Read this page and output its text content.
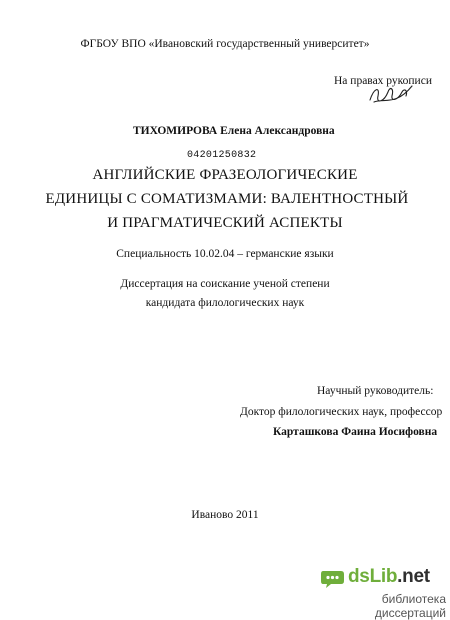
ФГБОУ ВПО «Ивановский государственный университет»
На правах рукописи
ТИХОМИРОВА Елена Александровна
04201250832
АНГЛИЙСКИЕ ФРАЗЕОЛОГИЧЕСКИЕ
ЕДИНИЦЫ С СОМАТИЗМАМИ: ВАЛЕНТНОСТНЫЙ
И ПРАГМАТИЧЕСКИЙ АСПЕКТЫ
Специальность 10.02.04 – германские языки
Диссертация на соискание ученой степени
кандидата филологических наук
Научный руководитель:
Доктор филологических наук, профессор
Карташкова Фаина Иосифовна
Иваново 2011
dsLib.net
библиотека диссертаций
